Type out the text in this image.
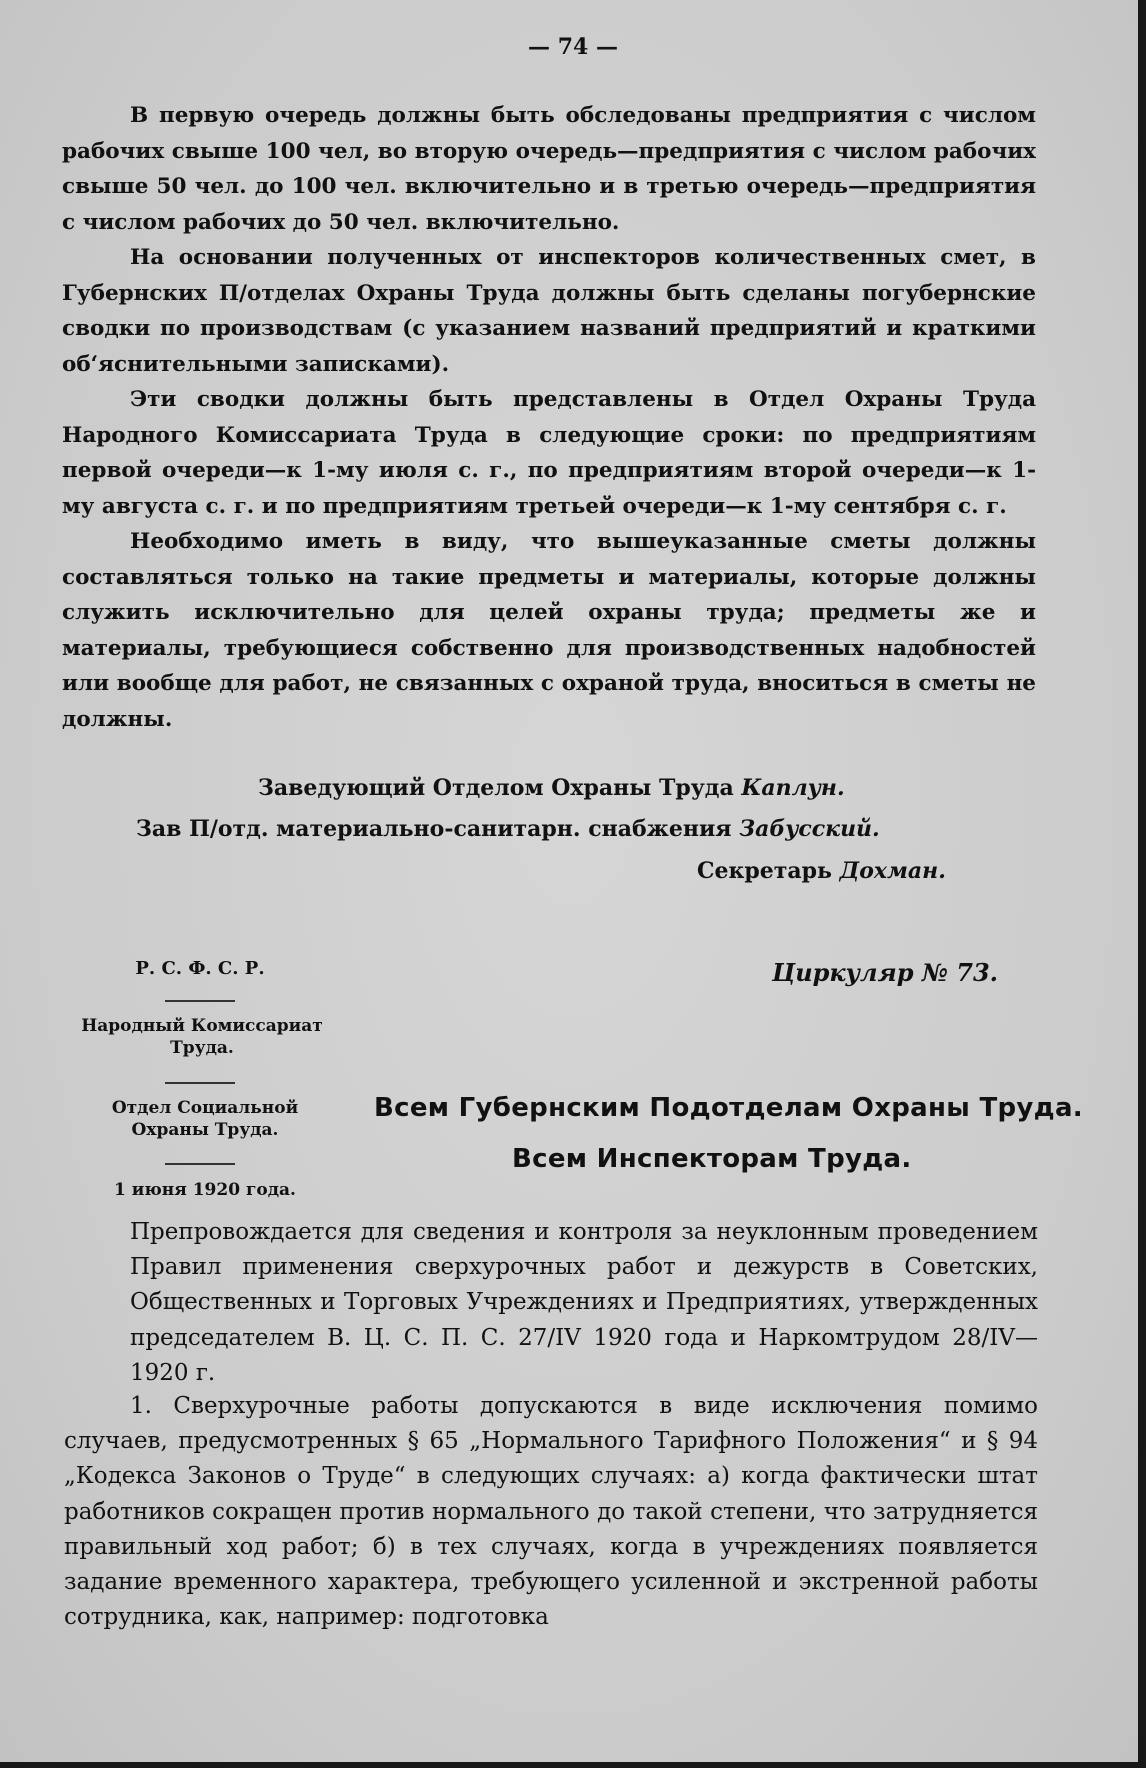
— 74 —

В первую очередь должны быть обследованы предприятия с числом рабочих свыше 100 чел, во вторую очередь—предприятия с числом рабочих свыше 50 чел. до 100 чел. включительно и в третью очередь—предприятия с числом рабочих до 50 чел. включительно.

На основании полученных от инспекторов количественных смет, в Губернских П/отделах Охраны Труда должны быть сделаны погубернские сводки по производствам (с указанием названий предприятий и краткими об‘яснительными записками).

Эти сводки должны быть представлены в Отдел Охраны Труда Народного Комиссариата Труда в следующие сроки: по предприятиям первой очереди—к 1-му июля с. г., по предприятиям второй очереди—к 1-му августа с. г. и по предприятиям третьей очереди—к 1-му сентября с. г.

Необходимо иметь в виду, что вышеуказанные сметы должны составляться только на такие предметы и материалы, которые должны служить исключительно для целей охраны труда; предметы же и материалы, требующиеся собственно для производственных надобностей или вообще для работ, не связанных с охраной труда, вноситься в сметы не должны.

Заведующий Отделом Охраны Труда Каплун.
Зав П/отд. материально-санитарн. снабжения Забусский.
Секретарь Дохман.
Р. С. Ф. С. Р.
Народный Комиссариат Труда.
Отдел Социальной Охраны Труда.
1 июня 1920 года.
Циркуляр № 73.
Всем Губернским Подотделам Охраны Труда.
Всем Инспекторам Труда.

Препровождается для сведения и контроля за неуклонным проведением Правил применения сверхурочных работ и дежурств в Советских, Общественных и Торговых Учреждениях и Предприятиях, утвержденных председателем В. Ц. С. П. С. 27/IV 1920 года и Наркомтрудом 28/IV—1920 г.

1. Сверхурочные работы допускаются в виде исключения помимо случаев, предусмотренных § 65 „Нормального Тарифного Положения“ и § 94 „Кодекса Законов о Труде“ в следующих случаях: а) когда фактически штат работников сокращен против нормального до такой степени, что затрудняется правильный ход работ; б) в тех случаях, когда в учреждениях появляется задание временного характера, требующего усиленной и экстренной работы сотрудника, как, например: подготовка
